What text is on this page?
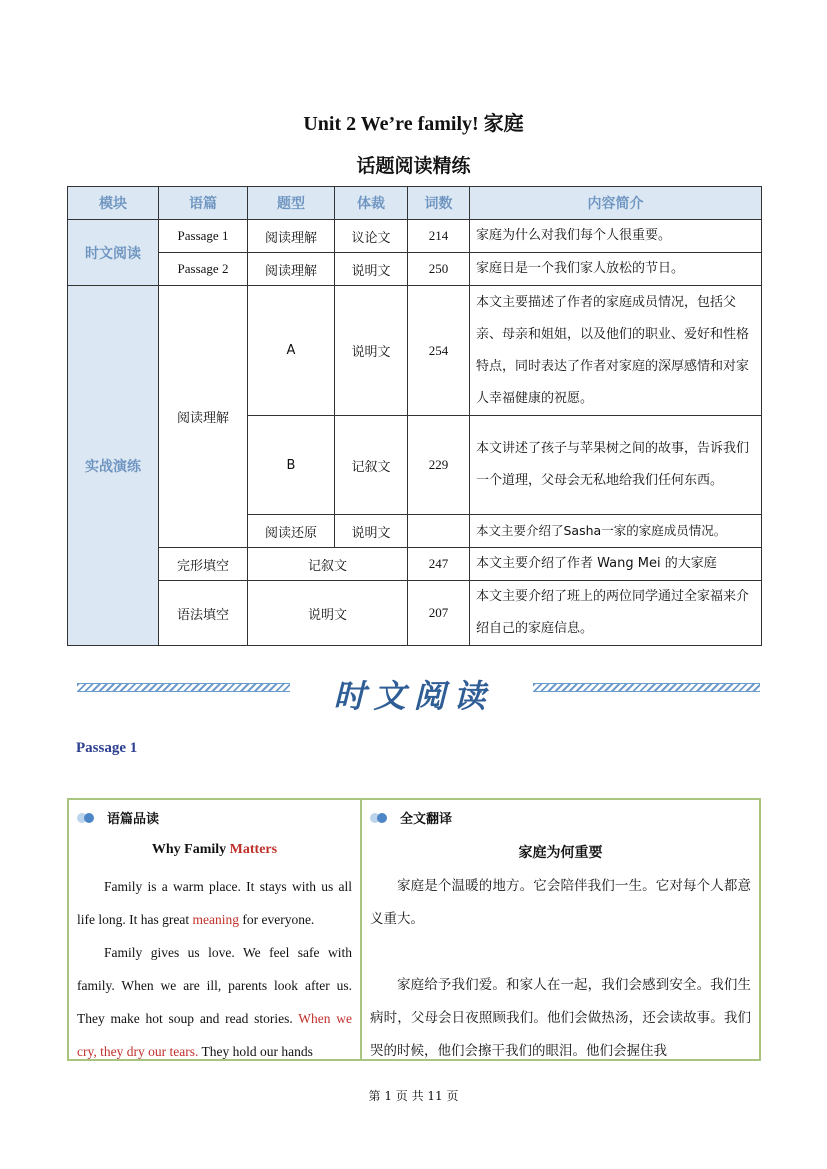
Unit 2 We’re family! 家庭
话题阅读精练
模块	语篇	题型	体裁	词数	内容简介
时文阅读	Passage 1	阅读理解	议论文	214	家庭为什么对我们每个人很重要。
	Passage 2	阅读理解	说明文	250	家庭日是一个我们家人放松的节日。
实战演练	阅读理解	A	说明文	254	本文主要描述了作者的家庭成员情况，包括父亲、母亲和姐姐，以及他们的职业、爱好和性格特点，同时表达了作者对家庭的深厚感情和对家人幸福健康的祝愿。
		B	记叙文	229	本文讲述了孩子与苹果树之间的故事，告诉我们一个道理，父母会无私地给我们任何东西。
		阅读还原	说明文		本文主要介绍了Sasha一家的家庭成员情况。
	完形填空	记叙文		247	本文主要介绍了作者 Wang Mei 的大家庭
	语法填空	说明文		207	本文主要介绍了班上的两位同学通过全家福来介绍自己的家庭信息。
时文阅读
Passage 1
语篇品读
Why Family Matters

Family is a warm place. It stays with us all life long. It has great meaning for everyone.

Family gives us love. We feel safe with family. When we are ill, parents look after us. They make hot soup and read stories. When we cry, they dry our tears. They hold our hands

全文翻译
家庭为何重要

家庭是个温暖的地方。它会陪伴我们一生。它对每个人都意义重大。

家庭给予我们爱。和家人在一起，我们会感到安全。我们生病时，父母会日夜照顾我们。他们会做热汤，还会读故事。我们哭的时候，他们会擦干我们的眼泪。他们会握住我

第 1 页 共 11 页
